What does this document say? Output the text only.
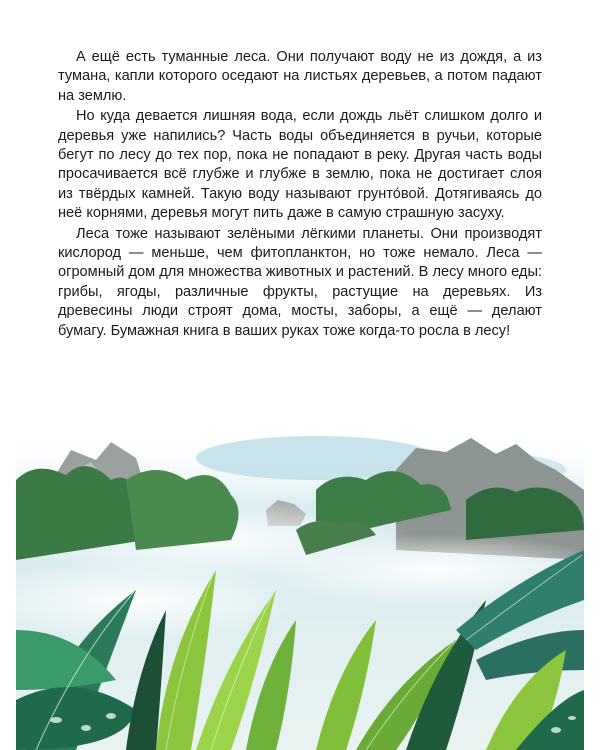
А ещё есть туманные леса. Они получают воду не из дождя, а из тумана, капли которого оседают на листьях деревьев, а потом падают на землю.

Но куда девается лишняя вода, если дождь льёт слишком долго и деревья уже напились? Часть воды объединяется в ручьи, которые бегут по лесу до тех пор, пока не попадают в реку. Другая часть воды просачивается всё глубже и глубже в землю, пока не достигает слоя из твёрдых камней. Такую воду называют грунто́вой. Дотягиваясь до неё корнями, деревья могут пить даже в самую страшную засуху.

Леса тоже называют зелёными лёгкими планеты. Они производят кислород — меньше, чем фитопланктон, но тоже немало. Леса — огромный дом для множества животных и растений. В лесу много еды: грибы, ягоды, различные фрукты, растущие на деревьях. Из древесины люди строят дома, мосты, заборы, а ещё — делают бумагу. Бумажная книга в ваших руках тоже когда-то росла в лесу!
